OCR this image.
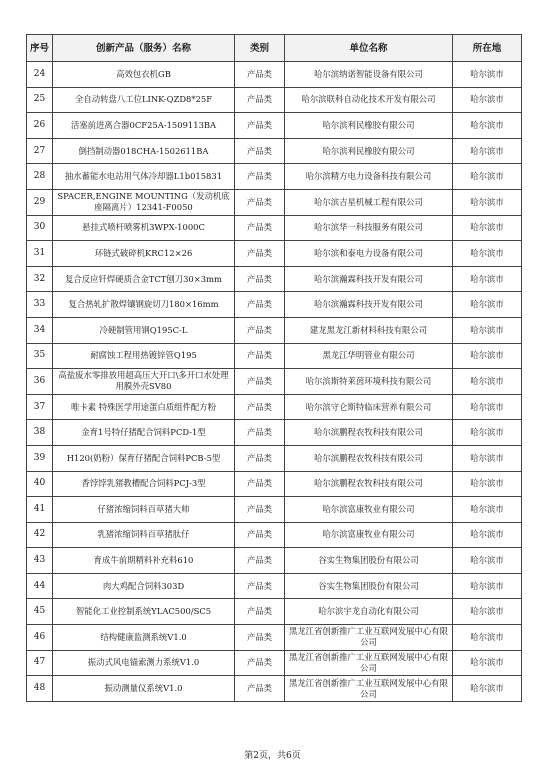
序号	创新产品（服务）名称	类别	单位名称	所在地
24	高效包衣机GB	产品类	哈尔滨纳诺智能设备有限公司	哈尔滨市
25	全自动转盘八工位LINK-QZD8*25F	产品类	哈尔滨联科自动化技术开发有限公司	哈尔滨市
26	活塞前进离合器0CF25A-1509113BA	产品类	哈尔滨利民橡胶有限公司	哈尔滨市
27	倒挡制动器018CHA-1502611BA	产品类	哈尔滨利民橡胶有限公司	哈尔滨市
28	抽水蓄能水电站用气体冷却器L1b015831	产品类	哈尔滨精方电力设备科技有限公司	哈尔滨市
29	SPACER,ENGINE MOUNTING（发动机底座隔离片）12341-F0050	产品类	哈尔滨吉星机械工程有限公司	哈尔滨市
30	悬挂式喷杆喷雾机3WPX-1000C	产品类	哈尔滨华一科技服务有限公司	哈尔滨市
31	环链式破碎机KRC12×26	产品类	哈尔滨和泰电力设备有限公司	哈尔滨市
32	复合反应钎焊硬质合金TCT刨刀30×3mm	产品类	哈尔滨瀚霖科技开发有限公司	哈尔滨市
33	复合热轧扩散焊镶钢旋切刀180×16mm	产品类	哈尔滨瀚霖科技开发有限公司	哈尔滨市
34	冷硬制管用钢Q195C-L	产品类	建龙黑龙江新材料科技有限公司	哈尔滨市
35	耐腐蚀工程用热镀锌管Q195	产品类	黑龙江华明管业有限公司	哈尔滨市
36	高盐废水零排放用超高压大开口\多开口水处理用膜外壳SV80	产品类	哈尔滨斯特莱茵环境科技有限公司	哈尔滨市
37	唯卡素 特殊医学用途蛋白质组件配方粉	产品类	哈尔滨守仑斯特临床营养有限公司	哈尔滨市
38	金育1号特仔猪配合饲料PCD-1型	产品类	哈尔滨鹏程农牧科技有限公司	哈尔滨市
39	H120(奶粉）保育仔猪配合饲料PCB-5型	产品类	哈尔滨鹏程农牧科技有限公司	哈尔滨市
40	香饽饽乳猪教槽配合饲料PCJ-3型	产品类	哈尔滨鹏程农牧科技有限公司	哈尔滨市
41	仔猪浓缩饲料百草猪大帅	产品类	哈尔滨富康牧业有限公司	哈尔滨市
42	乳猪浓缩饲料百草猪肽仔	产品类	哈尔滨富康牧业有限公司	哈尔滨市
43	育成牛前期精料补充料610	产品类	谷实生物集团股份有限公司	哈尔滨市
44	肉大鸡配合饲料303D	产品类	谷实生物集团股份有限公司	哈尔滨市
45	智能化工业控制系统YLAC500/SC5	产品类	哈尔滨宇龙自动化有限公司	哈尔滨市
46	结构健康监测系统V1.0	产品类	黑龙江省创新推广工业互联网发展中心有限公司	哈尔滨市
47	振动式风电锚索测力系统V1.0	产品类	黑龙江省创新推广工业互联网发展中心有限公司	哈尔滨市
48	振动测量仪系统V1.0	产品类	黑龙江省创新推广工业互联网发展中心有限公司	哈尔滨市
第2页，共6页
